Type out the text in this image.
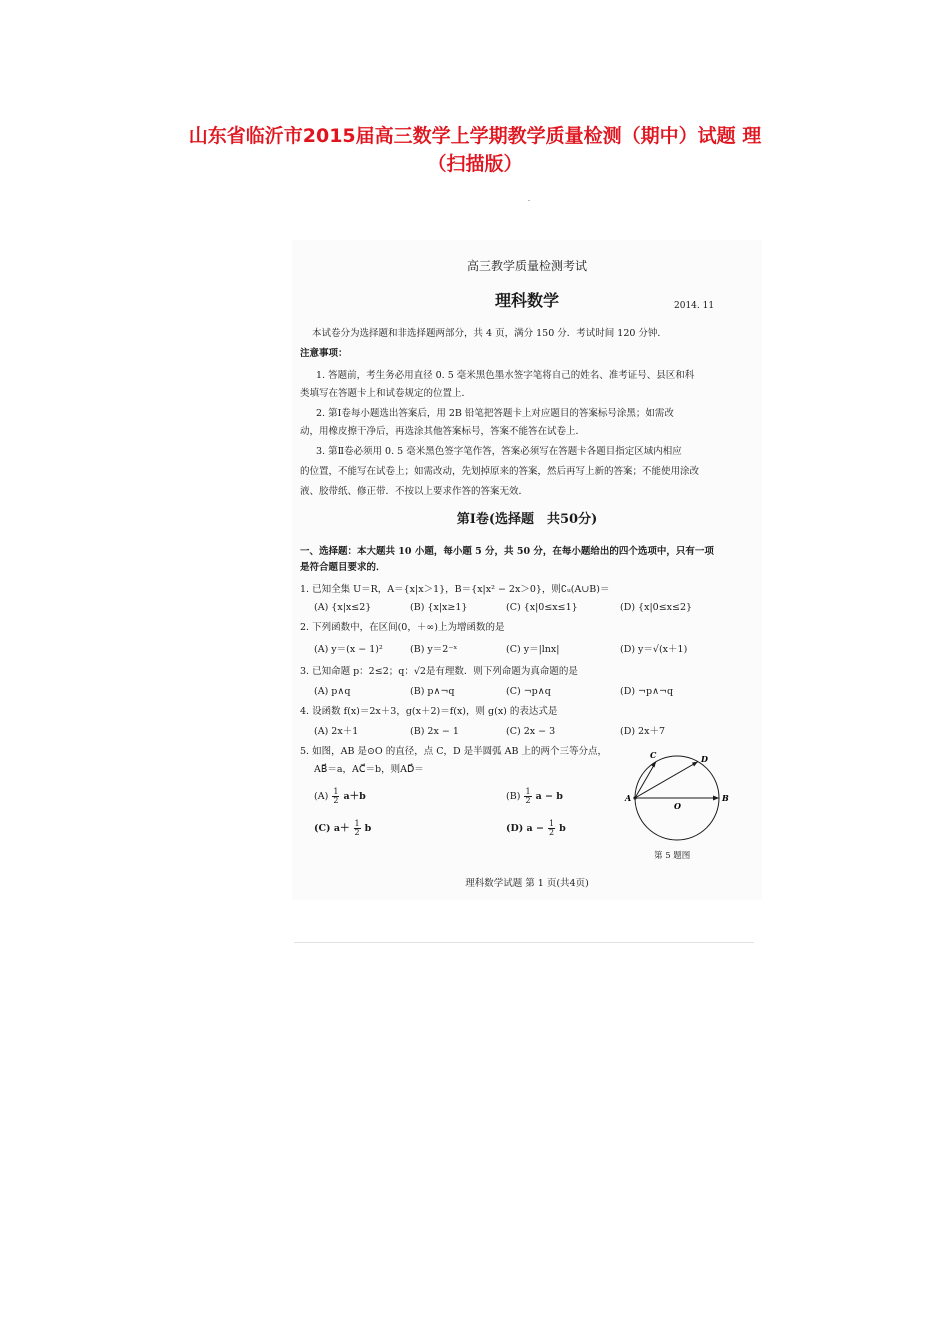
山东省临沂市2015届高三数学上学期教学质量检测（期中）试题 理
（扫描版）
高三教学质量检测考试
理科数学	2014. 11
本试卷分为选择题和非选择题两部分，共 4 页，满分 150 分．考试时间 120 分钟．
注意事项：
1. 答题前，考生务必用直径 0. 5 毫米黑色墨水签字笔将自己的姓名、准考证号、县区和科
类填写在答题卡上和试卷规定的位置上．
2. 第Ⅰ卷每小题选出答案后，用 2B 铅笔把答题卡上对应题目的答案标号涂黑；如需改
动，用橡皮擦干净后，再选涂其他答案标号，答案不能答在试卷上．
3. 第Ⅱ卷必须用 0. 5 毫米黑色签字笔作答，答案必须写在答题卡各题目指定区域内相应
的位置，不能写在试卷上；如需改动，先划掉原来的答案，然后再写上新的答案；不能使用涂改
液、胶带纸、修正带．不按以上要求作答的答案无效．
第Ⅰ卷(选择题　共50分)
一、选择题：本大题共 10 小题，每小题 5 分，共 50 分，在每小题给出的四个选项中，只有一项
是符合题目要求的．
1. 已知全集 U＝R，A＝{x|x＞1}，B＝{x|x² − 2x＞0}，则∁ᵤ(A∪B)＝
(A) {x|x≤2}	(B) {x|x≥1}	(C) {x|0≤x≤1}	(D) {x|0≤x≤2}
2. 下列函数中，在区间(0，＋∞)上为增函数的是
(A) y＝(x − 1)²	(B) y＝2⁻ˣ	(C) y＝|lnx|	(D) y＝√(x＋1)
3. 已知命题 p：2≤2；q：√2是有理数．则下列命题为真命题的是
(A) p∧q	(B) p∧¬q	(C) ¬p∧q	(D) ¬p∧¬q
4. 设函数 f(x)＝2x＋3，g(x＋2)＝f(x)，则 g(x) 的表达式是
(A) 2x＋1	(B) 2x − 1	(C) 2x − 3	(D) 2x＋7
5. 如图，AB 是⊙O 的直径，点 C，D 是半圆弧 AB 上的两个三等分点，
AB⃗＝a，AC⃗＝b，则AD⃗＝
$(A) \frac{1}{2} a+b$	$(B) \frac{1}{2}$ a − b
(C) $a+ \frac{1}{2}$ b	(D) $a - \frac{1}{2}$ b
A	B
C	D
O
第 5 题图
理科数学试题 第 1 页(共4页)
